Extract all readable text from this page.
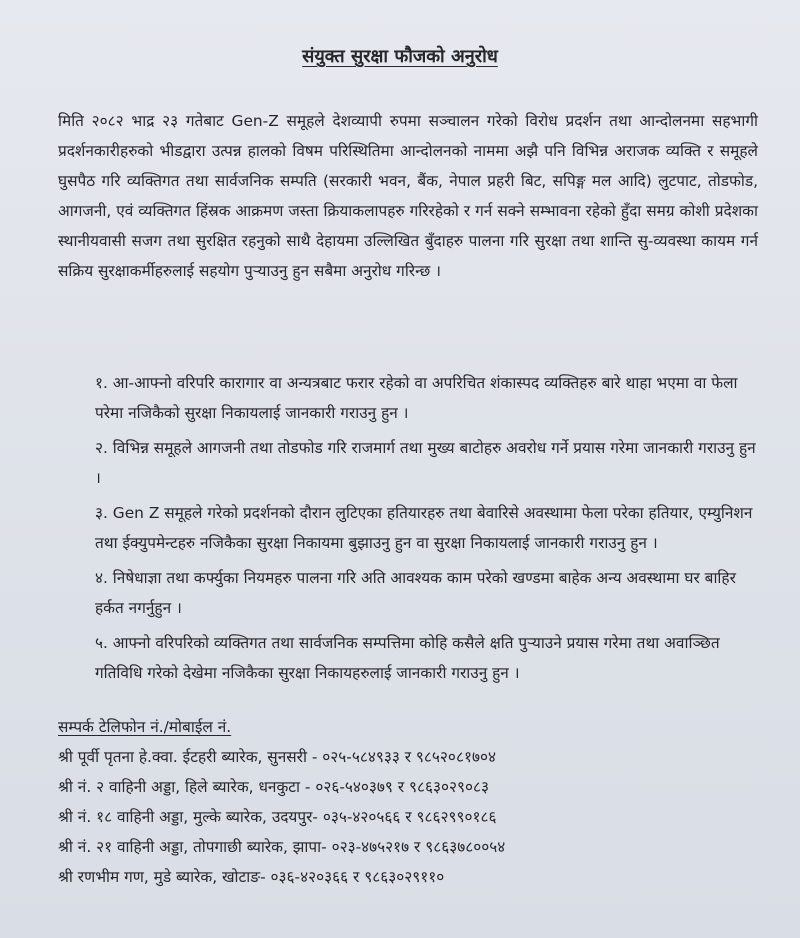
संयुक्त सुरक्षा फौजको अनुरोध

मिति २०८२ भाद्र २३ गतेबाट Gen-Z समूहले देशव्यापी रुपमा सञ्चालन गरेको विरोध प्रदर्शन तथा आन्दोलनमा सहभागी प्रदर्शनकारीहरुको भीडद्वारा उत्पन्न हालको विषम परिस्थितिमा आन्दोलनको नाममा अझै पनि विभिन्न अराजक व्यक्ति र समूहले घुसपैठ गरि व्यक्तिगत तथा सार्वजनिक सम्पति (सरकारी भवन, बैंक, नेपाल प्रहरी बिट, सपिङ्ग मल आदि) लुटपाट, तोडफोड, आगजनी, एवं व्यक्तिगत हिंस्रक आक्रमण जस्ता क्रियाकलापहरु गरिरहेको र गर्न सक्ने सम्भावना रहेको हुँदा समग्र कोशी प्रदेशका स्थानीयवासी सजग तथा सुरक्षित रहनुको साथै देहायमा उल्लिखित बुँदाहरु पालना गरि सुरक्षा तथा शान्ति सु-व्यवस्था कायम गर्न सक्रिय सुरक्षाकर्मीहरुलाई सहयोग पुऱ्याउनु हुन सबैमा अनुरोध गरिन्छ ।

१. आ-आफ्नो वरिपरि कारागार वा अन्यत्रबाट फरार रहेको वा अपरिचित शंकास्पद व्यक्तिहरु बारे थाहा भएमा वा फेला परेमा नजिकैको सुरक्षा निकायलाई जानकारी गराउनु हुन ।
२. विभिन्न समूहले आगजनी तथा तोडफोड गरि राजमार्ग तथा मुख्य बाटोहरु अवरोध गर्ने प्रयास गरेमा जानकारी गराउनु हुन ।
३. Gen Z समूहले गरेको प्रदर्शनको दौरान लुटिएका हतियारहरु तथा बेवारिसे अवस्थामा फेला परेका हतियार, एम्युनिशन तथा ईक्युपमेन्टहरु नजिकैका सुरक्षा निकायमा बुझाउनु हुन वा सुरक्षा निकायलाई जानकारी गराउनु हुन ।
४. निषेधाज्ञा तथा कर्फ्युका नियमहरु पालना गरि अति आवश्यक काम परेको खण्डमा बाहेक अन्य अवस्थामा घर बाहिर हर्कत नगर्नुहुन ।
५. आफ्नो वरिपरिको व्यक्तिगत तथा सार्वजनिक सम्पत्तिमा कोहि कसैले क्षति पुऱ्याउने प्रयास गरेमा तथा अवाञ्छित गतिविधि गरेको देखेमा नजिकैका सुरक्षा निकायहरुलाई जानकारी गराउनु हुन ।
सम्पर्क टेलिफोन नं./मोबाईल नं.
श्री पूर्वी पृतना हे.क्वा. ईटहरी ब्यारेक, सुनसरी - ०२५-५८४९३३ र ९८५२०८१७०४
श्री नं. २ वाहिनी अड्डा, हिले ब्यारेक, धनकुटा - ०२६-५४०३७९ र ९८६३०२९०८३
श्री नं. १८ वाहिनी अड्डा, मुल्के ब्यारेक, उदयपुर- ०३५-४२०५६६ र ९८६२९९०१८६
श्री नं. २१ वाहिनी अड्डा, तोपगाछी ब्यारेक, झापा- ०२३-४७५२१७ र ९८६३७८००५४
श्री रणभीम गण, मुडे ब्यारेक, खोटाङ- ०३६-४२०३६६ र ९८६३०२९११०
